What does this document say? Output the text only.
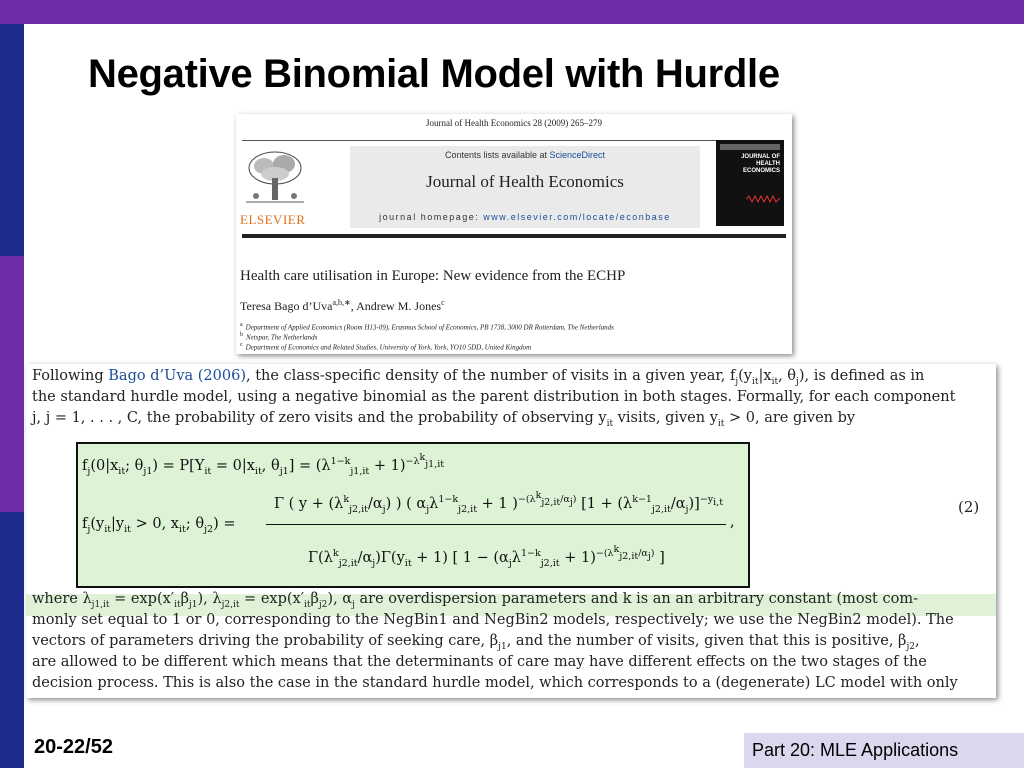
Negative Binomial Model with Hurdle
Journal of Health Economics 28 (2009) 265–279
ELSEVIER
Contents lists available at ScienceDirect
Journal of Health Economics
journal homepage: www.elsevier.com/locate/econbase
JOURNAL OF HEALTH ECONOMICS
Health care utilisation in Europe: New evidence from the ECHP
Teresa Bago d’Uva$^{a,b,∗}$, Andrew M. Jones$^c$
$^a$ Department of Applied Economics (Room H13-09), Erasmus School of Economics, PB 1738, 3000 DR Rotterdam, The Netherlands
$^b$ Netspar, The Netherlands
$^c$ Department of Economics and Related Studies, University of York, York, YO10 5DD, United Kingdom
Following Bago d’Uva (2006), the class-specific density of the number of visits in a given year, $f_j(y_{it}|x_{it}$, $\theta_j$), is defined as in
the standard hurdle model, using a negative binomial as the parent distribution in both stages. Formally, for each component
j, j = 1, . . . , C, the probability of zero visits and the probability of observing $y_{it}$ visits, given $y_{it} > 0$, are given by
$f_j(0|x_{it}$; $\theta_{j1}) = P[Y_{it} = 0|x_{it}$, $\theta_{j1}] = (\lambda^{1-k}_{j1,it} + 1)^{-\lambda^k_{j1,it}}$
Γ ( $y + (\lambda^k_{j2,it}/\alpha_j)$ ) ( $\alpha_j\lambda^{1-k}_{j2,it} + 1$ )$^{-(\lambda^k_{j2,it}/\alpha_j)}$ $[1 + (\lambda^{k-1}_{j2,it}/\alpha_j)]^{-y_{i,t}}$
,
$f_j(y_{it}|y_{it} > 0$, $x_{it}$; $\theta_{j2}$) =
$\Gamma(\lambda^k_{j2,it}/\alpha_j)\Gamma(y_{it} + 1)$ [ $1 - (\alpha_j\lambda^{1-k}_{j2,it} + 1)^{-(\lambda^k_{j2,it}/\alpha_j)}$ ]
(2)
where $\lambda_{j1,it} = \exp(x'_{it}\beta_{j1})$, $\lambda_{j2,it} = \exp(x'_{it}\beta_{j2})$, $\alpha_j$ are overdispersion parameters and k is an an arbitrary constant (most com-
monly set equal to 1 or 0, corresponding to the NegBin1 and NegBin2 models, respectively; we use the NegBin2 model). The
vectors of parameters driving the probability of seeking care, $\beta_{j1}$, and the number of visits, given that this is positive, $\beta_{j2}$,
are allowed to be different which means that the determinants of care may have different effects on the two stages of the
decision process. This is also the case in the standard hurdle model, which corresponds to a (degenerate) LC model with only
20-22/52	Part 20: MLE Applications
